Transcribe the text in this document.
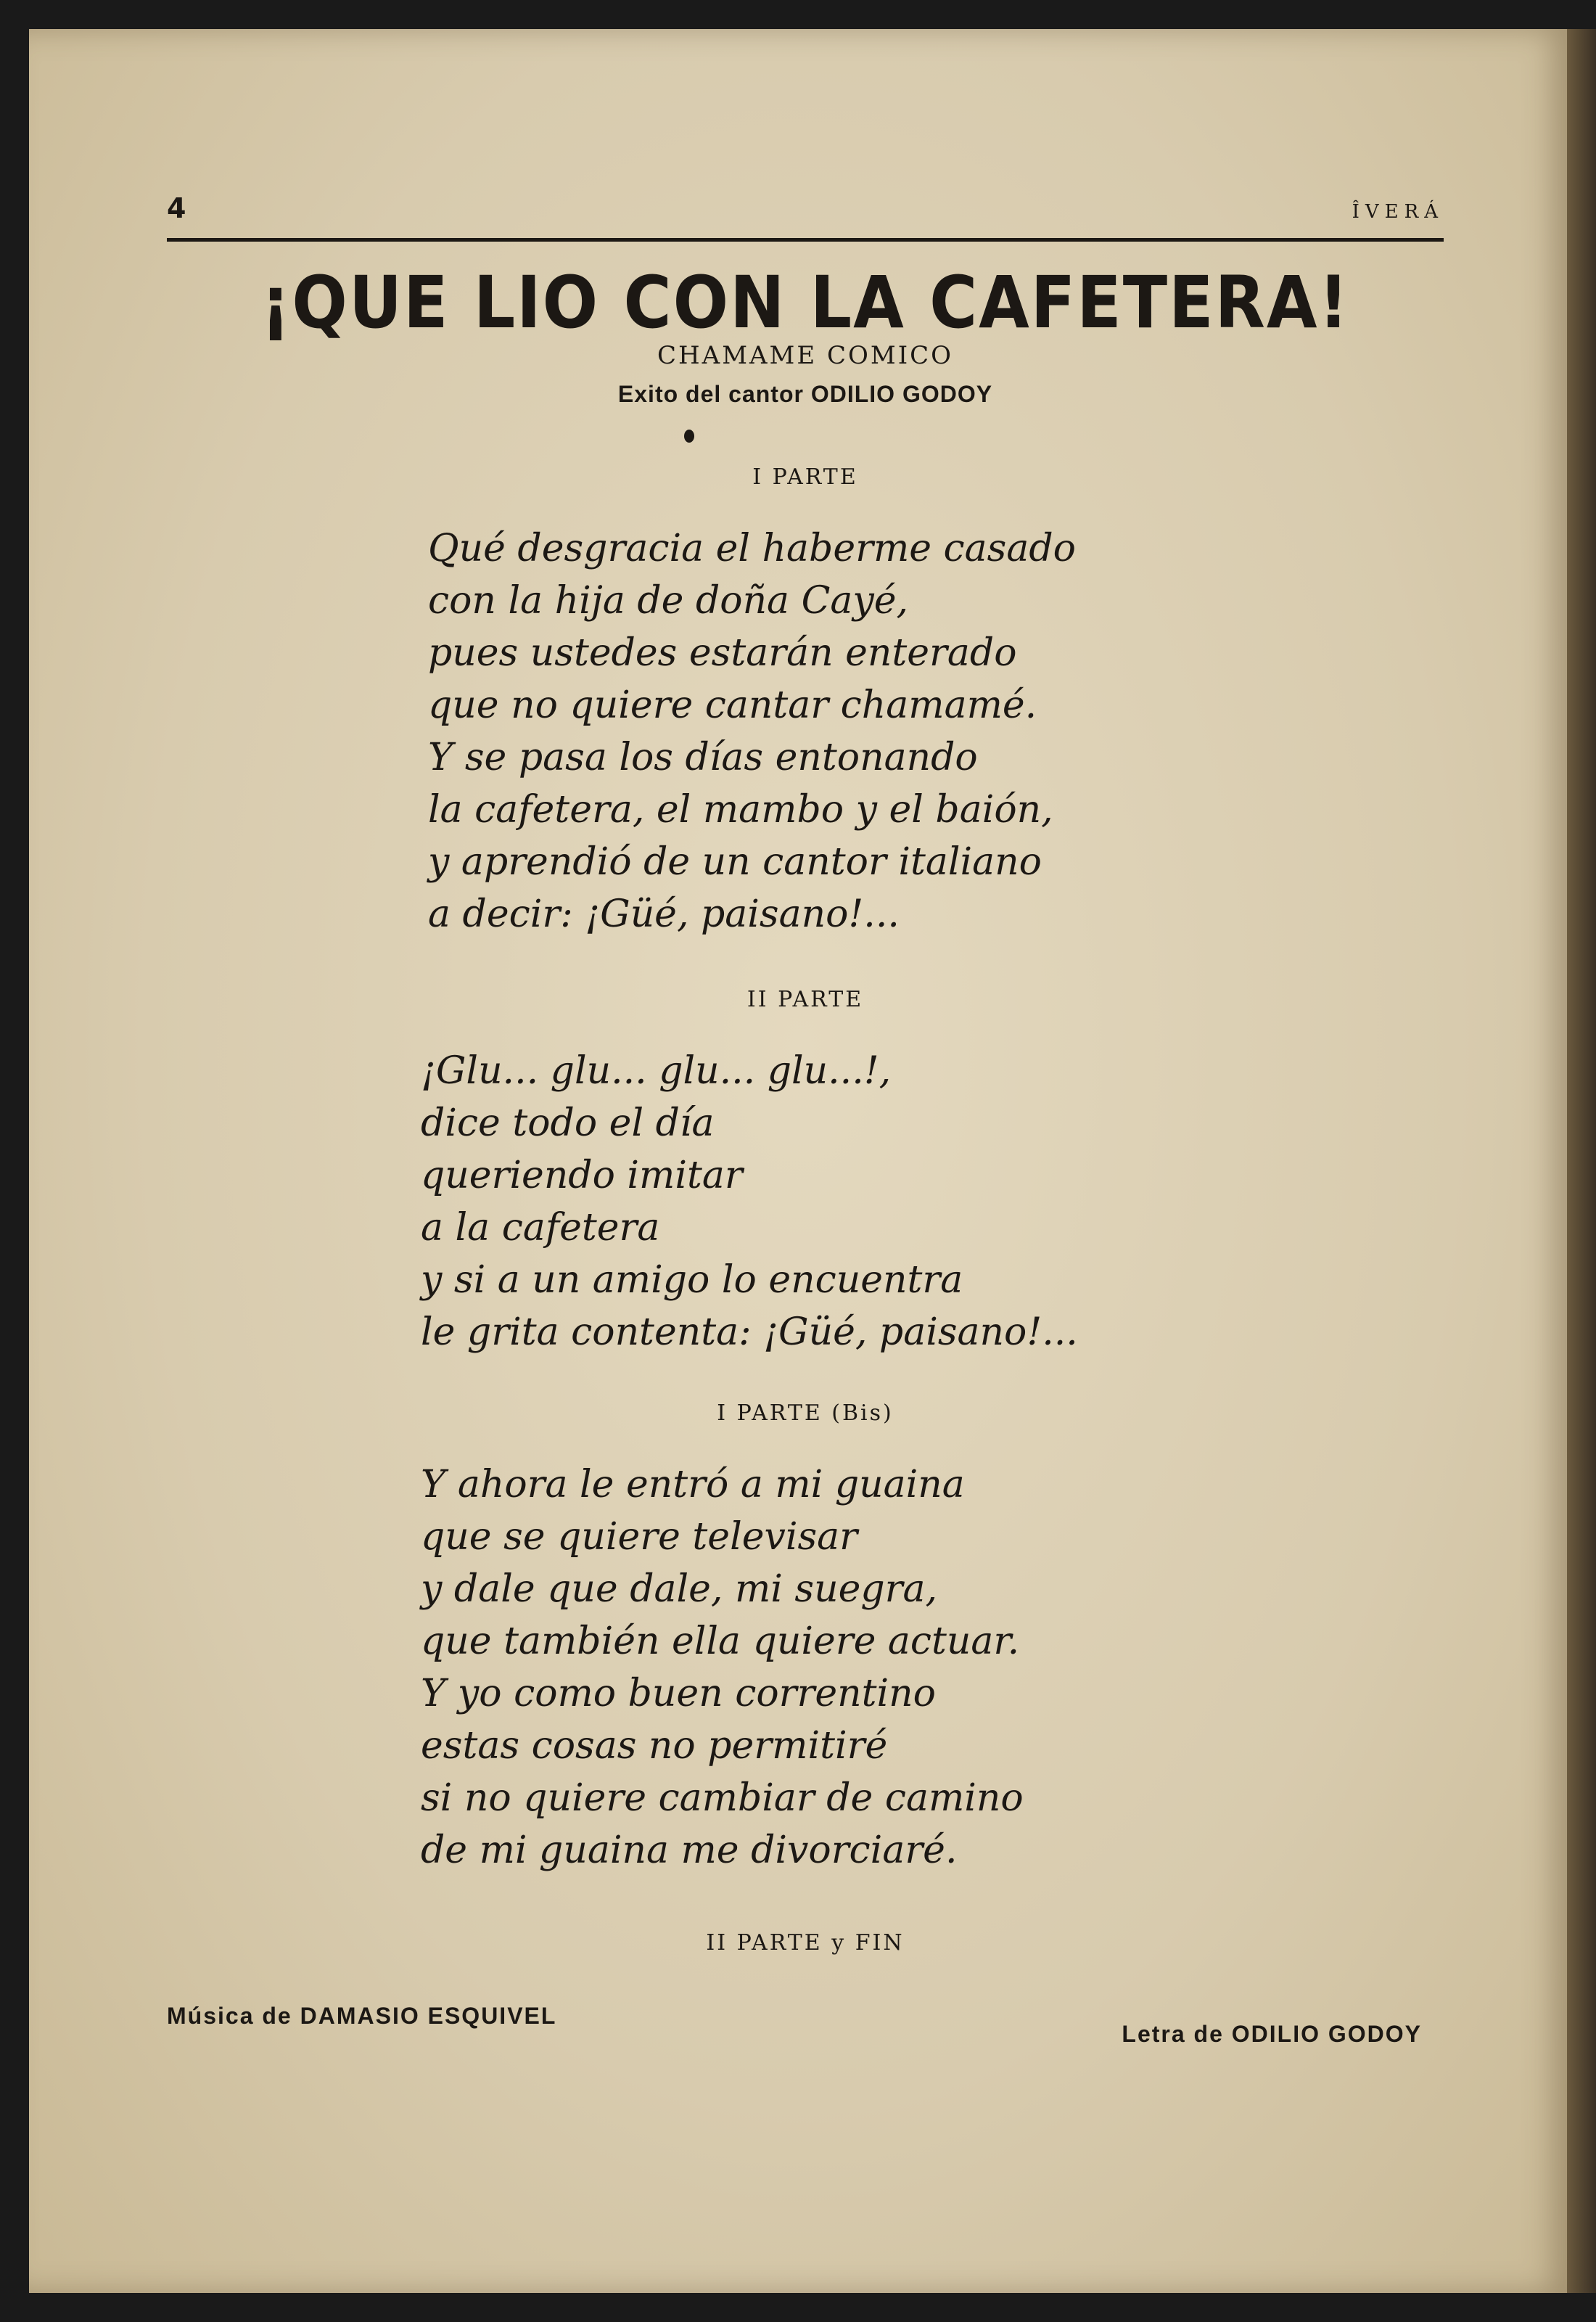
4	ÎVERÁ
¡QUE LIO CON LA CAFETERA!
CHAMAME COMICO
Exito del cantor ODILIO GODOY
I PARTE
Qué desgracia el haberme casado
con la hija de doña Cayé,
pues ustedes estarán enterado
que no quiere cantar chamamé.
Y se pasa los días entonando
la cafetera, el mambo y el baión,
y aprendió de un cantor italiano
a decir: ¡Güé, paisano!...
II PARTE
¡Glu... glu... glu... glu...!,
dice todo el día
queriendo imitar
a la cafetera
y si a un amigo lo encuentra
le grita contenta: ¡Güé, paisano!...
I PARTE (Bis)
Y ahora le entró a mi guaina
que se quiere televisar
y dale que dale, mi suegra,
que también ella quiere actuar.
Y yo como buen correntino
estas cosas no permitiré
si no quiere cambiar de camino
de mi guaina me divorciaré.
II PARTE y FIN
Música de DAMASIO ESQUIVEL
Letra de ODILIO GODOY
